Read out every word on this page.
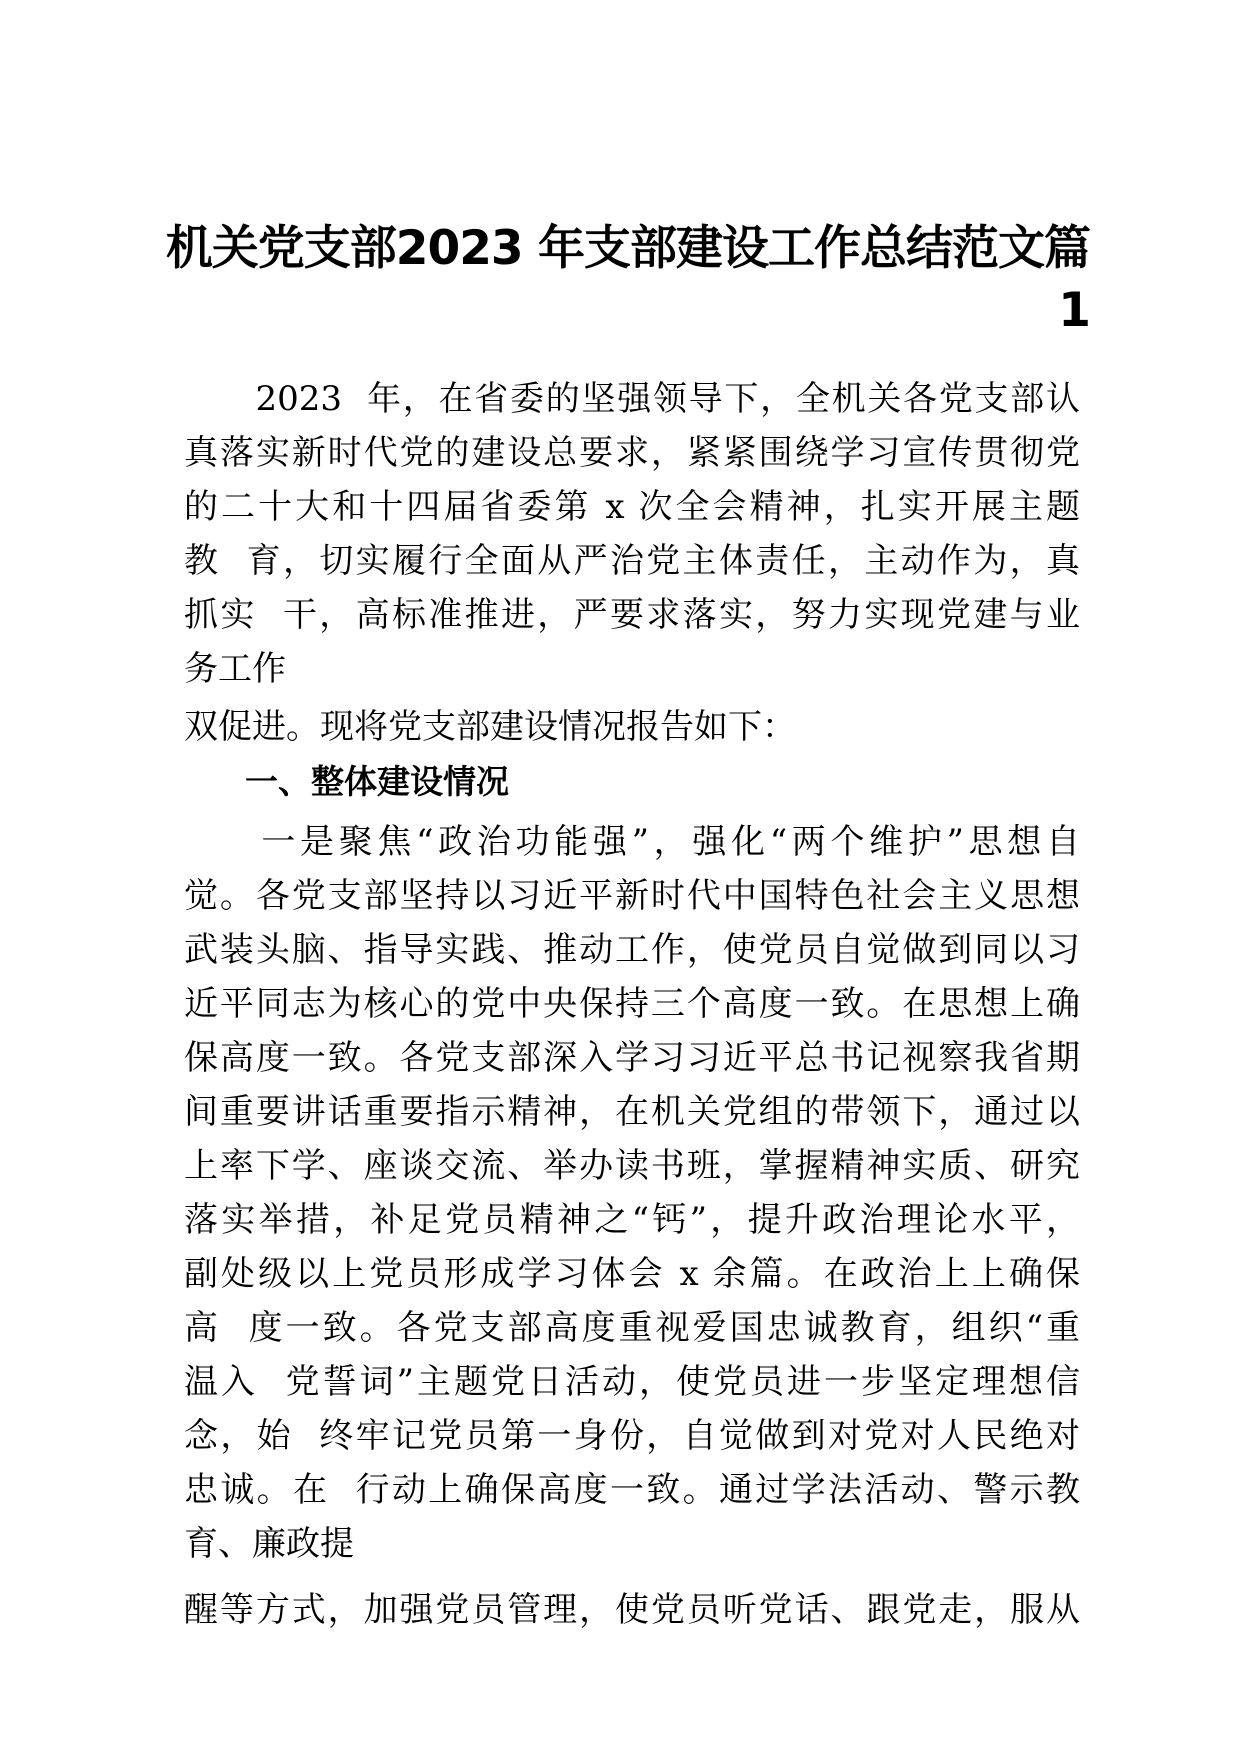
机关党支部2023 年支部建设工作总结范文篇
1
　　2023  年，在省委的坚强领导下，全机关各党支部认
真落实新时代党的建设总要求，紧紧围绕学习宣传贯彻党
的二十大和十四届省委第 x 次全会精神，扎实开展主题
教  育，切实履行全面从严治党主体责任，主动作为，真
抓实  干，高标准推进，严要求落实，努力实现党建与业
务工作
双促进。现将党支部建设情况报告如下：
一、整体建设情况
　　一是聚焦“政治功能强”，强化“两个维护”思想自
觉。各党支部坚持以习近平新时代中国特色社会主义思想
武装头脑、指导实践、推动工作，使党员自觉做到同以习
近平同志为核心的党中央保持三个高度一致。在思想上确
保高度一致。各党支部深入学习习近平总书记视察我省期
间重要讲话重要指示精神，在机关党组的带领下，通过以
上率下学、座谈交流、举办读书班，掌握精神实质、研究
落实举措，补足党员精神之“钙”，提升政治理论水平，
副处级以上党员形成学习体会 x 余篇。在政治上上确保
高  度一致。各党支部高度重视爱国忠诚教育，组织“重
温入  党誓词”主题党日活动，使党员进一步坚定理想信
念，始  终牢记党员第一身份，自觉做到对党对人民绝对
忠诚。在  行动上确保高度一致。通过学法活动、警示教
育、廉政提
醒等方式，加强党员管理，使党员听党话、跟党走，服从
